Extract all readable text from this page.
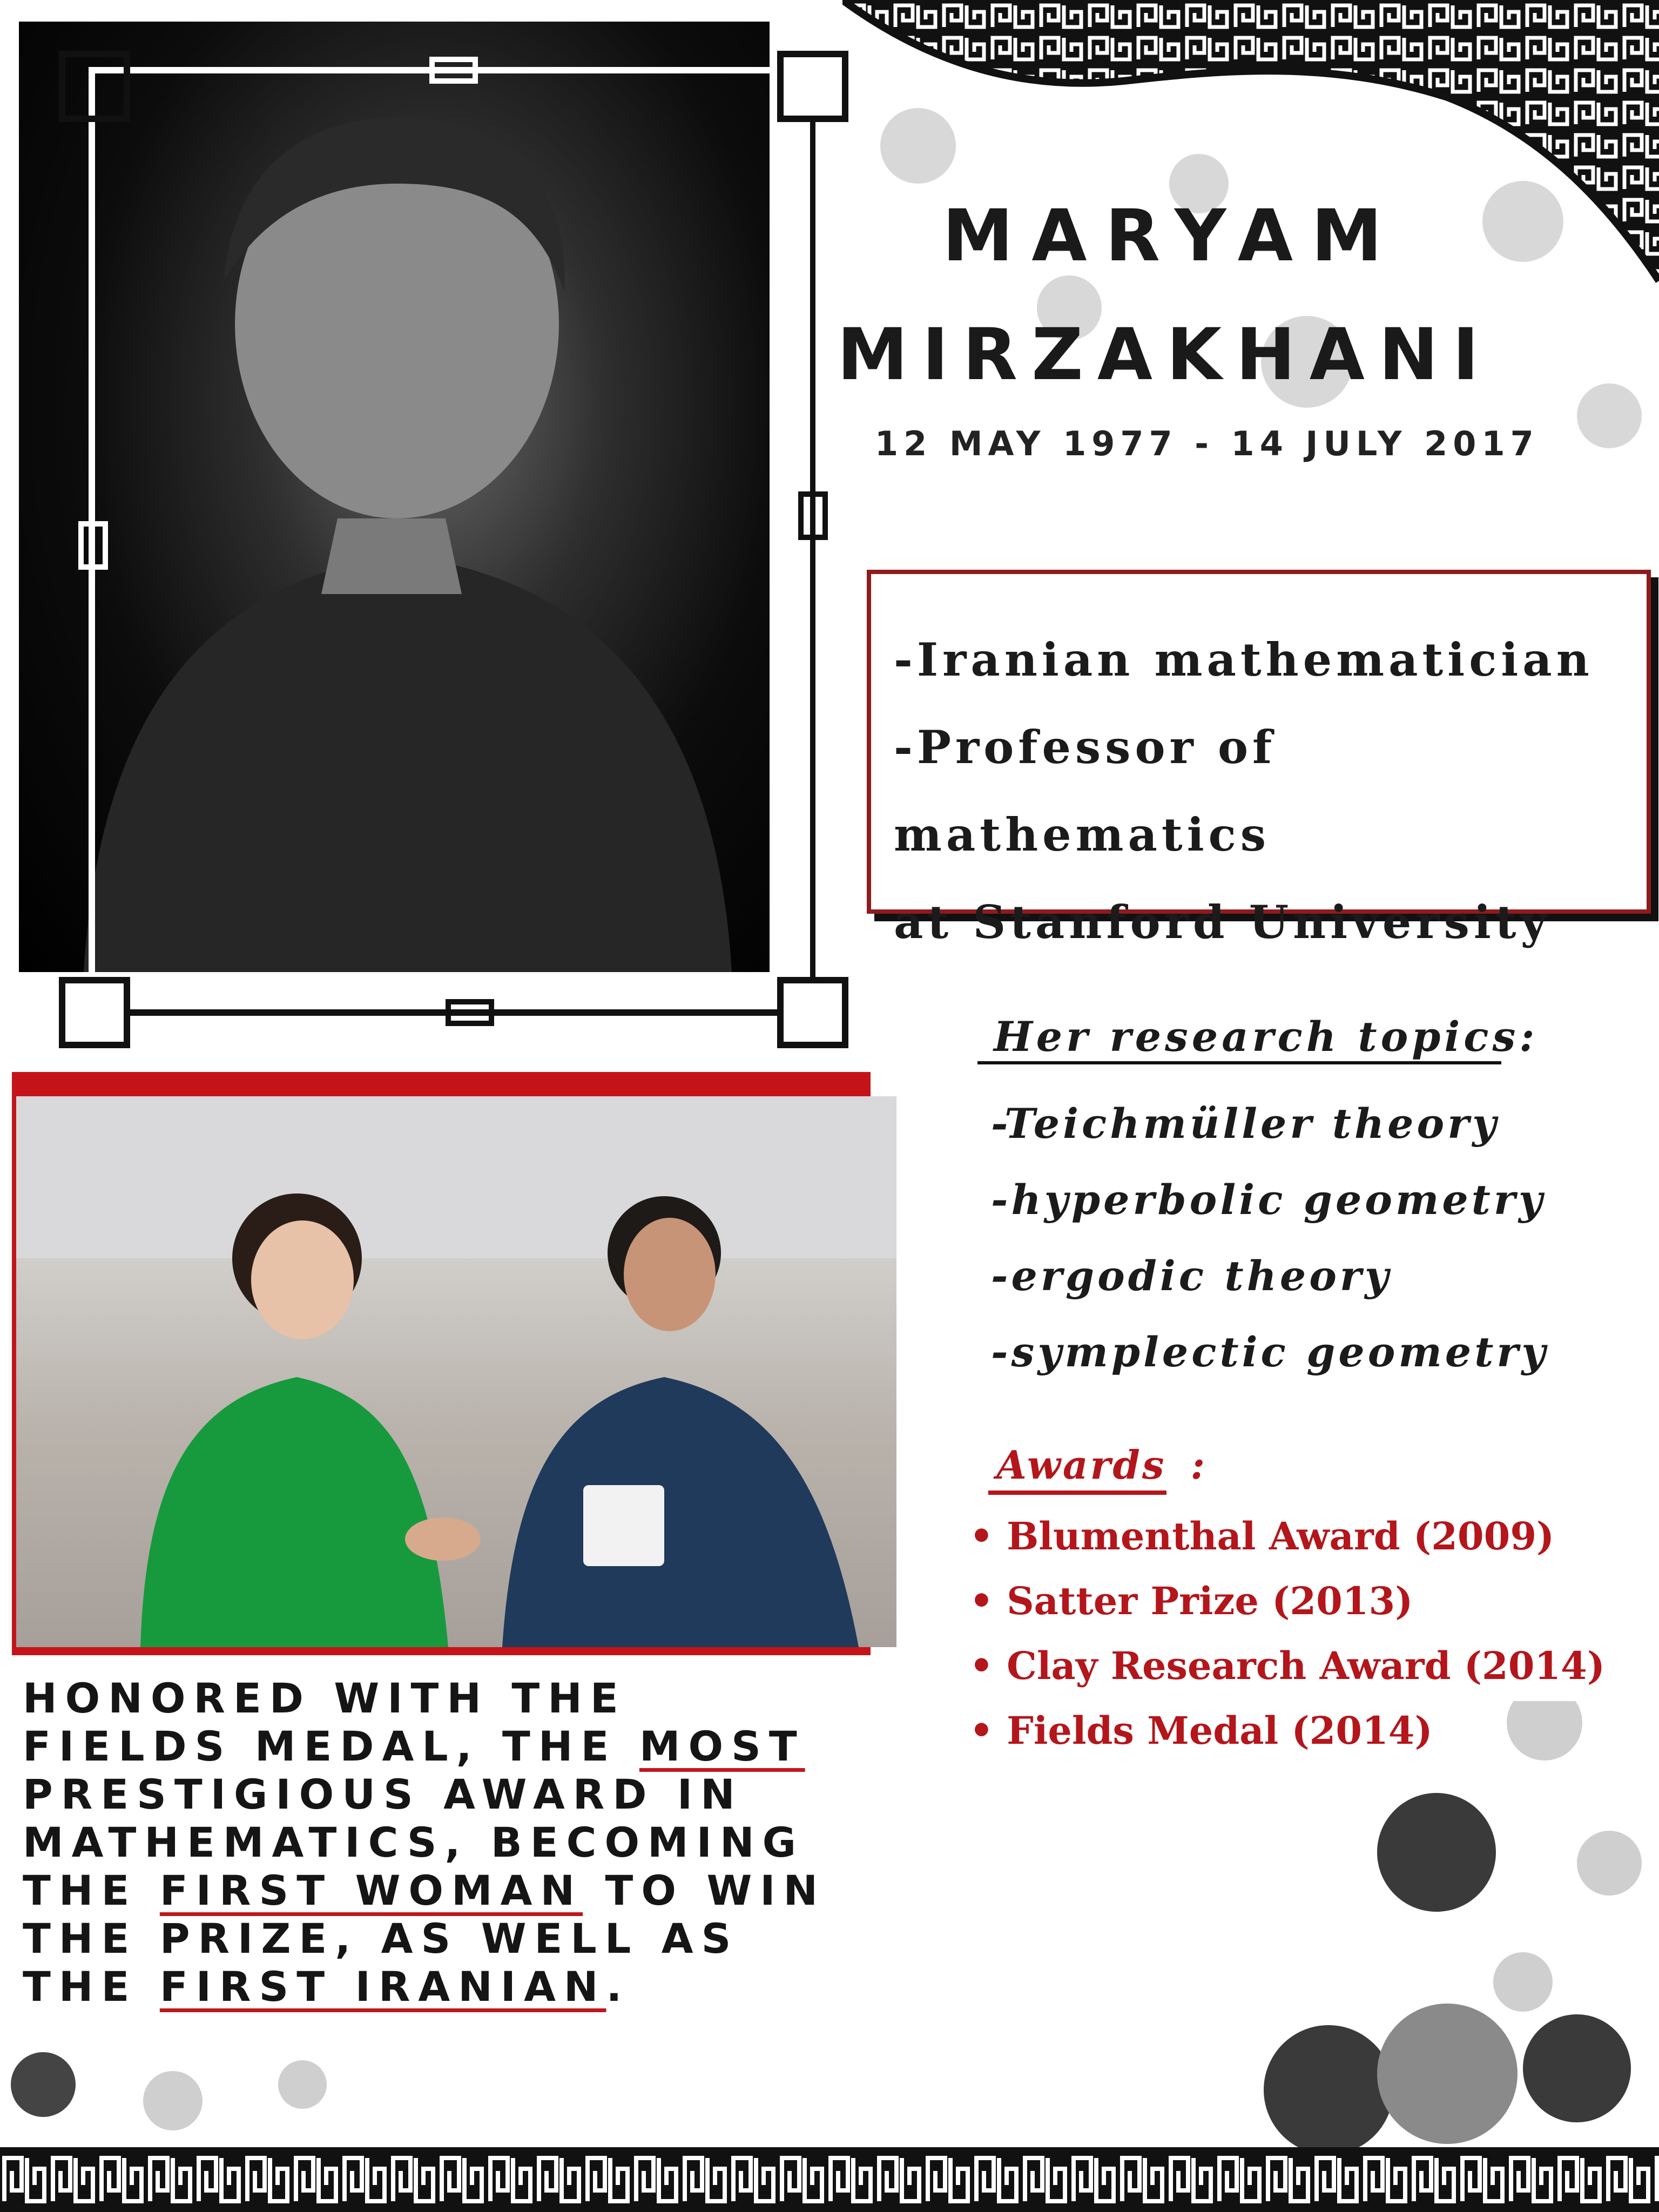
MARYAM
MIRZAKHANI
12 MAY 1977 - 14 JULY 2017
-Iranian mathematician
-Professor of mathematics
at Stanford University
Her research topics:
-Teichmüller theory
-hyperbolic geometry
-ergodic theory
-symplectic geometry
Awards :
• Blumenthal Award (2009)
• Satter Prize (2013)
• Clay Research Award (2014)
• Fields Medal (2014)
HONORED WITH THE
FIELDS MEDAL, THE MOST
PRESTIGIOUS AWARD IN
MATHEMATICS, BECOMING
THE FIRST WOMAN TO WIN
THE PRIZE, AS WELL AS
THE FIRST IRANIAN.
